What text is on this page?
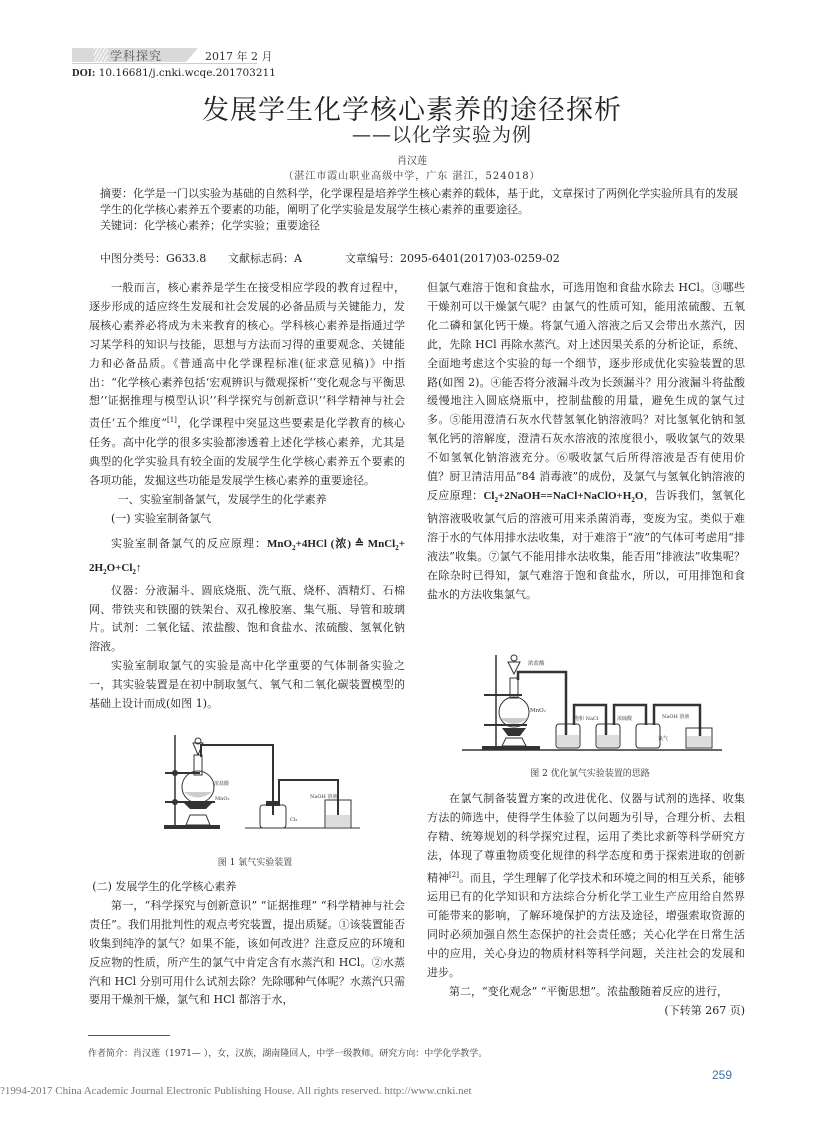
学科探究	2017 年 2 月
DOI: 10.16681/j.cnki.wcqe.201703211
发展学生化学核心素养的途径探析
——以化学实验为例
肖汉莲
（湛江市霞山职业高级中学，广东 湛江，524018）
摘要：化学是一门以实验为基础的自然科学，化学课程是培养学生核心素养的载体，基于此，文章探讨了两例化学实验所具有的发展学生的化学核心素养五个要素的功能，阐明了化学实验是发展学生核心素养的重要途径。
关键词：化学核心素养；化学实验；重要途径
中图分类号：G633.8 文献标志码：A	文章编号：2095-6401(2017)03-0259-02

一般而言，核心素养是学生在接受相应学段的教育过程中，逐步形成的适应终生发展和社会发展的必备品质与关键能力，发展核心素养必将成为未来教育的核心。学科核心素养是指通过学习某学科的知识与技能，思想与方法而习得的重要观念、关键能力和必备品质。《普通高中化学课程标准(征求意见稿)》中指出：“化学核心素养包括‘宏观辨识与微观探析’‘变化观念与平衡思想’‘证据推理与模型认识’‘科学探究与创新意识’‘科学精神与社会责任’五个维度”[1]，化学课程中突显这些要素是化学教育的核心任务。高中化学的很多实验都渗透着上述化学核心素养，尤其是典型的化学实验具有较全面的发展学生化学核心素养五个要素的各项功能，发掘这些功能是发展学生核心素养的重要途径。

一、实验室制备氯气，发展学生的化学素养

(一) 实验室制备氯气

实验室制备氯气的反应原理：MnO$_2$+4HCl (浓) ≙ MnCl$_2$+ $2H_2O+Cl_2↑$

仪器：分液漏斗、圆底烧瓶、洗气瓶、烧杯、酒精灯、石棉网、带铁夹和铁圈的铁架台、双孔橡胶塞、集气瓶、导管和玻璃片。试剂：二氧化锰、浓盐酸、饱和食盐水、浓硫酸、氢氧化钠溶液。

实验室制取氯气的实验是高中化学重要的气体制备实验之一，其实验装置是在初中制取氢气、氧气和二氧化碳装置模型的基础上设计而成(如图 1)。

浓盐酸
MnO₂	NaOH 溶液
Cl₂
图 1 氯气实验装置

(二) 发展学生的化学核心素养

第一，“科学探究与创新意识” “证据推理” “科学精神与社会责任”。我们用批判性的观点考究装置，提出质疑。①该装置能否收集到纯净的氯气？如果不能，该如何改进？注意反应的环境和反应物的性质，所产生的氯气中肯定含有水蒸汽和 HCl。②水蒸汽和 HCl 分别可用什么试剂去除？先除哪种气体呢？水蒸汽只需要用干燥剂干燥，氯气和 HCl 都溶于水，

但氯气难溶于饱和食盐水，可选用饱和食盐水除去 HCl。③哪些干燥剂可以干燥氯气呢？由氯气的性质可知，能用浓硫酸、五氧化二磷和氯化钙干燥。将氯气通入溶液之后又会带出水蒸汽，因此，先除 HCl 再除水蒸汽。对上述因果关系的分析论证，系统、全面地考虑这个实验的每一个细节，逐步形成优化实验装置的思路(如图 2)。④能否将分液漏斗改为长颈漏斗？用分液漏斗将盐酸缓慢地注入圆底烧瓶中，控制盐酸的用量，避免生成的氯气过多。⑤能用澄清石灰水代替氢氧化钠溶液吗？对比氢氧化钠和氢氧化钙的溶解度，澄清石灰水溶液的浓度很小，吸收氯气的效果不如氢氧化钠溶液充分。⑥吸收氯气后所得溶液是否有使用价值？厨卫清洁用品“84 消毒液”的成份，及氯气与氢氧化钠溶液的反应原理：$Cl_2+2NaOH==NaCl+NaClO+H_2O$，告诉我们，氢氧化钠溶液吸收氯气后的溶液可用来杀菌消毒，变废为宝。类似于难溶于水的气体用排水法收集，对于难溶于“液”的气体可考虑用“排液法”收集。⑦氯气不能用排水法收集，能否用“排液法”收集呢？在除杂时已得知，氯气难溶于饱和食盐水，所以，可用排饱和食盐水的方法收集氯气。

浓盐酸
MnO₂
饱和 NaCl	浓硫酸	NaOH 溶液
氯气
图 2 优化氯气实验装置的思路

在氯气制备装置方案的改进优化、仪器与试剂的选择、收集方法的筛选中，使得学生体验了以问题为引导，合理分析、去粗存精、统筹规划的科学探究过程，运用了类比求新等科学研究方法，体现了尊重物质变化规律的科学态度和勇于探索进取的创新精神[2]。而且，学生理解了化学技术和环境之间的相互关系，能够运用已有的化学知识和方法综合分析化学工业生产应用给自然界可能带来的影响，了解环境保护的方法及途径，增强索取资源的同时必须加强自然生态保护的社会责任感；关心化学在日常生活中的应用，关心身边的物质材料等科学问题，关注社会的发展和进步。

第二，“变化观念” “平衡思想”。浓盐酸随着反应的进行，

(下转第 267 页)

作者简介：肖汉莲（1971— ），女，汉族，湖南隆回人，中学一级教师。研究方向：中学化学教学。
259
?1994-2017 China Academic Journal Electronic Publishing House. All rights reserved. http://www.cnki.net
